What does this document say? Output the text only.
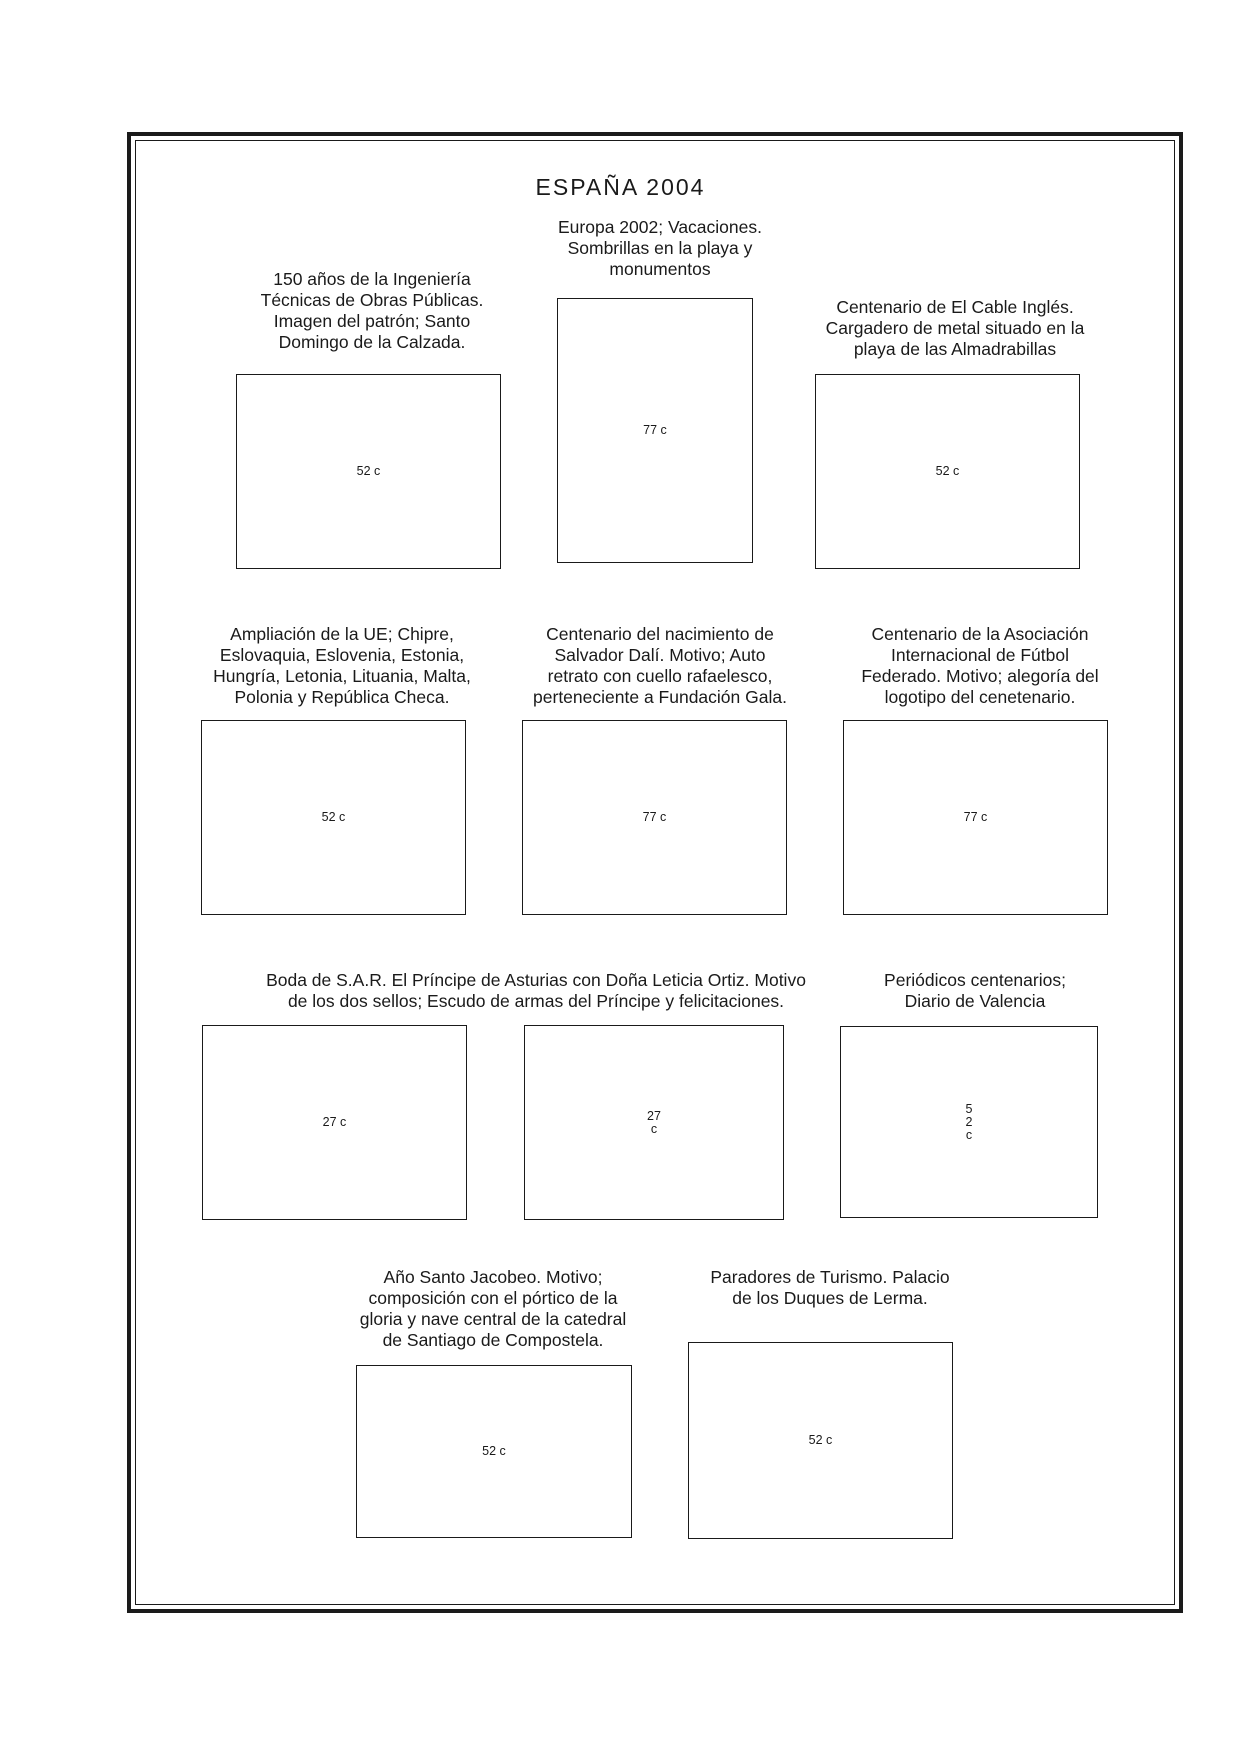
ESPAÑA 2004
150 años de la Ingeniería
Técnicas de Obras Públicas.
Imagen del patrón; Santo
Domingo de la Calzada.
Europa 2002; Vacaciones.
Sombrillas en la playa y
monumentos
Centenario de El Cable Inglés.
Cargadero de metal situado en la
playa de las Almadrabillas
Ampliación de la UE; Chipre,
Eslovaquia, Eslovenia, Estonia,
Hungría, Letonia, Lituania, Malta,
Polonia y República Checa.
Centenario del nacimiento de
Salvador Dalí. Motivo; Auto
retrato con cuello rafaelesco,
perteneciente a Fundación Gala.
Centenario de la Asociación
Internacional de Fútbol
Federado. Motivo; alegoría del
logotipo del cenetenario.
Boda de S.A.R. El Príncipe de Asturias con Doña Leticia Ortiz. Motivo
de los dos sellos; Escudo de armas del Príncipe y felicitaciones.
Periódicos centenarios;
Diario de Valencia
Año Santo Jacobeo. Motivo;
composición con el pórtico de la
gloria y nave central de la catedral
de Santiago de Compostela.
Paradores de Turismo. Palacio
de los Duques de Lerma.
52 c
77 c
52 c
52 c	77 c	77 c
27 c	27
c
5
2
c
52 c
52 c
